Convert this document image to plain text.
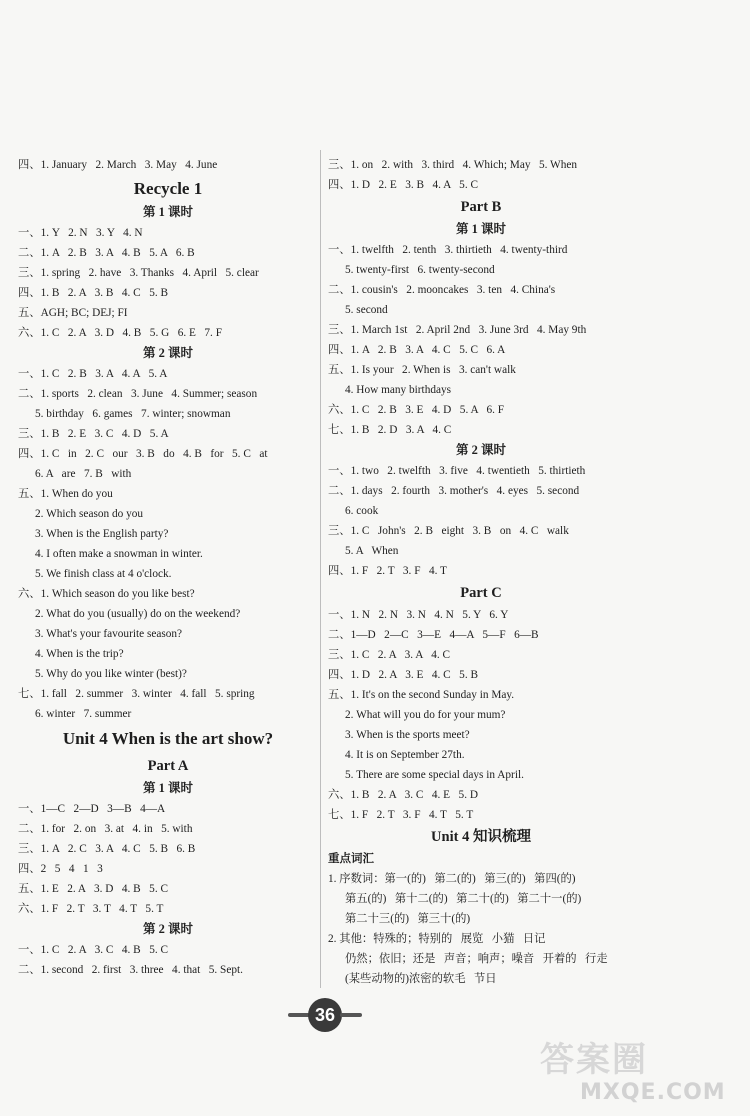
四、1. January   2. March   3. May   4. June
Recycle 1
第 1 课时
一、1. Y   2. N   3. Y   4. N
二、1. A   2. B   3. A   4. B   5. A   6. B
三、1. spring   2. have   3. Thanks   4. April   5. clear
四、1. B   2. A   3. B   4. C   5. B
五、AGH; BC; DEJ; FI
六、1. C   2. A   3. D   4. B   5. G   6. E   7. F
第 2 课时
一、1. C   2. B   3. A   4. A   5. A
二、1. sports   2. clean   3. June   4. Summer; season
5. birthday   6. games   7. winter; snowman
三、1. B   2. E   3. C   4. D   5. A
四、1. C   in   2. C   our   3. B   do   4. B   for   5. C   at
6. A   are   7. B   with
五、1. When do you
2. Which season do you
3. When is the English party?
4. I often make a snowman in winter.
5. We finish class at 4 o'clock.
六、1. Which season do you like best?
2. What do you (usually) do on the weekend?
3. What's your favourite season?
4. When is the trip?
5. Why do you like winter (best)?
七、1. fall   2. summer   3. winter   4. fall   5. spring
6. winter   7. summer
Unit 4 When is the art show?
Part A
第 1 课时
一、1—C   2—D   3—B   4—A
二、1. for   2. on   3. at   4. in   5. with
三、1. A   2. C   3. A   4. C   5. B   6. B
四、2   5   4   1   3
五、1. E   2. A   3. D   4. B   5. C
六、1. F   2. T   3. T   4. T   5. T
第 2 课时
一、1. C   2. A   3. C   4. B   5. C
二、1. second   2. first   3. three   4. that   5. Sept.
三、1. on   2. with   3. third   4. Which; May   5. When
四、1. D   2. E   3. B   4. A   5. C
Part B
第 1 课时
一、1. twelfth   2. tenth   3. thirtieth   4. twenty-third
5. twenty-first   6. twenty-second
二、1. cousin's   2. mooncakes   3. ten   4. China's
5. second
三、1. March 1st   2. April 2nd   3. June 3rd   4. May 9th
四、1. A   2. B   3. A   4. C   5. C   6. A
五、1. Is your   2. When is   3. can't walk
4. How many birthdays
六、1. C   2. B   3. E   4. D   5. A   6. F
七、1. B   2. D   3. A   4. C
第 2 课时
一、1. two   2. twelfth   3. five   4. twentieth   5. thirtieth
二、1. days   2. fourth   3. mother's   4. eyes   5. second
6. cook
三、1. C   John's   2. B   eight   3. B   on   4. C   walk
5. A   When
四、1. F   2. T   3. F   4. T
Part C
一、1. N   2. N   3. N   4. N   5. Y   6. Y
二、1—D   2—C   3—E   4—A   5—F   6—B
三、1. C   2. A   3. A   4. C
四、1. D   2. A   3. E   4. C   5. B
五、1. It's on the second Sunday in May.
2. What will you do for your mum?
3. When is the sports meet?
4. It is on September 27th.
5. There are some special days in April.
六、1. B   2. A   3. C   4. E   5. D
七、1. F   2. T   3. F   4. T   5. T
Unit 4 知识梳理
重点词汇
1. 序数词：第一(的)   第二(的)   第三(的)   第四(的)
第五(的)   第十二(的)   第二十(的)   第二十一(的)
第二十三(的)   第三十(的)
2. 其他：特殊的；特别的   展览   小猫   日记
仍然；依旧；还是   声音；响声；噪音   开着的   行走
(某些动物的)浓密的软毛   节日
36
答案圈
MXQE.COM
